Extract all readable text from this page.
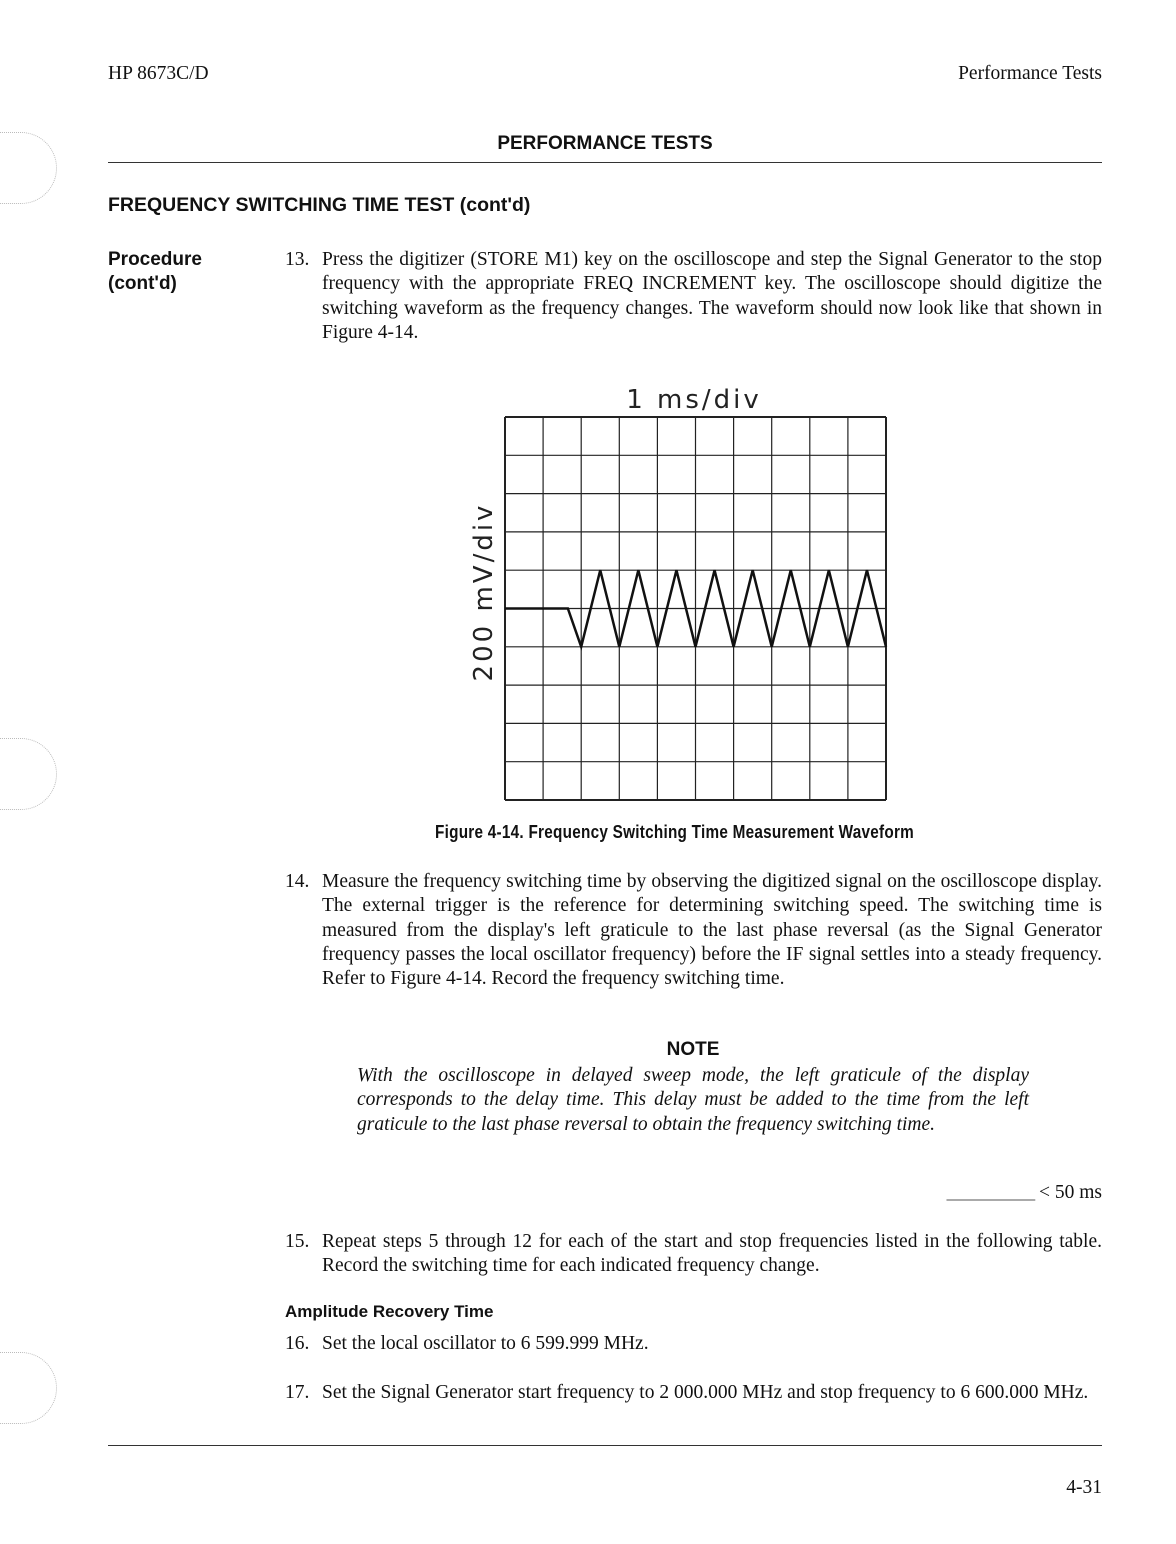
HP 8673C/D	Performance Tests
PERFORMANCE TESTS
FREQUENCY SWITCHING TIME TEST (cont'd)
Procedure
(cont'd)
13. Press the digitizer (STORE M1) key on the oscilloscope and step the Signal Generator to the stop frequency with the appropriate FREQ INCREMENT key. The oscilloscope should digitize the switching waveform as the frequency changes. The waveform should now look like that shown in Figure 4-14.
1 ms/div
200 mV/div
Figure 4-14. Frequency Switching Time Measurement Waveform
14. Measure the frequency switching time by observing the digitized signal on the oscilloscope display. The external trigger is the reference for determining switching speed. The switching time is measured from the display's left graticule to the last phase reversal (as the Signal Generator frequency passes the local oscillator frequency) before the IF signal settles into a steady frequency. Refer to Figure 4-14. Record the frequency switching time.
NOTE
With the oscilloscope in delayed sweep mode, the left graticule of the display corresponds to the delay time. This delay must be added to the time from the left graticule to the last phase reversal to obtain the frequency switching time.
__________ < 50 ms
15. Repeat steps 5 through 12 for each of the start and stop frequencies listed in the following table. Record the switching time for each indicated frequency change.
Amplitude Recovery Time
16. Set the local oscillator to 6 599.999 MHz.
17. Set the Signal Generator start frequency to 2 000.000 MHz and stop frequency to 6 600.000 MHz.
4-31
